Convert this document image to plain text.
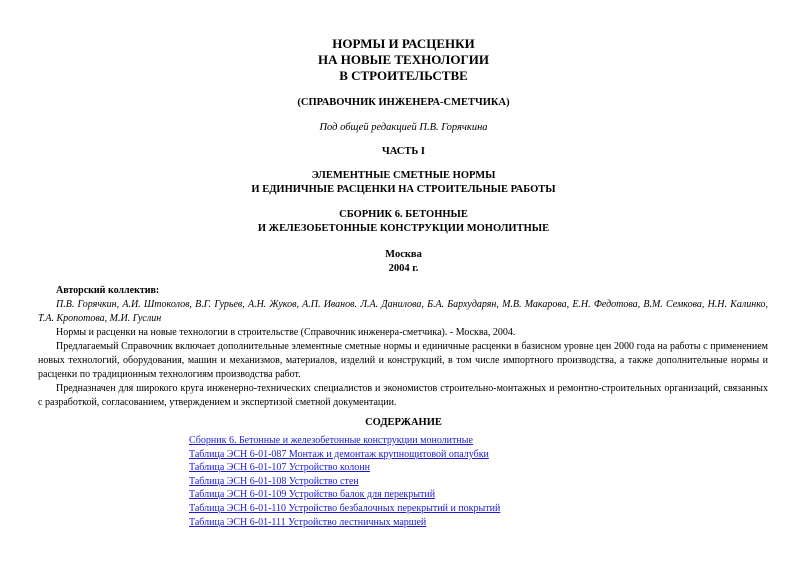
НОРМЫ И РАСЦЕНКИ
НА НОВЫЕ ТЕХНОЛОГИИ
В СТРОИТЕЛЬСТВЕ
(СПРАВОЧНИК ИНЖЕНЕРА-СМЕТЧИКА)
Под общей редакцией П.В. Горячкина
ЧАСТЬ I
ЭЛЕМЕНТНЫЕ СМЕТНЫЕ НОРМЫ
И ЕДИНИЧНЫЕ РАСЦЕНКИ НА СТРОИТЕЛЬНЫЕ РАБОТЫ
СБОРНИК 6. БЕТОННЫЕ
И ЖЕЛЕЗОБЕТОННЫЕ КОНСТРУКЦИИ МОНОЛИТНЫЕ
Москва
2004 г.
Авторский коллектив:
П.В. Горячкин, А.И. Штоколов, В.Г. Гурьев, А.Н. Жуков, А.П. Иванов. Л.А. Данилова, Б.А. Бархударян, М.В. Макарова, Е.Н. Федотова, В.М. Семкова, Н.Н. Калинко, Т.А. Кропотова, М.И. Гуслин
Нормы и расценки на новые технологии в строительстве (Справочник инженера-сметчика). - Москва, 2004.
Предлагаемый Справочник включает дополнительные элементные сметные нормы и единичные расценки в базисном уровне цен 2000 года на работы с применением новых технологий, оборудования, машин и механизмов, материалов, изделий и конструкций, в том числе импортного производства, а также дополнительные нормы и расценки по традиционным технологиям производства работ.
Предназначен для широкого круга инженерно-технических специалистов и экономистов строительно-монтажных и ремонтно-строительных организаций, связанных с разработкой, согласованием, утверждением и экспертизой сметной документации.
СОДЕРЖАНИЕ
Сборник 6. Бетонные и железобетонные конструкции монолитные
Таблица ЭСН 6-01-087 Монтаж и демонтаж крупнощитовой опалубки
Таблица ЭСН 6-01-107 Устройство колонн
Таблица ЭСН 6-01-108 Устройство стен
Таблица ЭСН 6-01-109 Устройство балок для перекрытий
Таблица ЭСН 6-01-110 Устройство безбалочных перекрытий и покрытий
Таблица ЭСН 6-01-111 Устройство лестничных маршей
